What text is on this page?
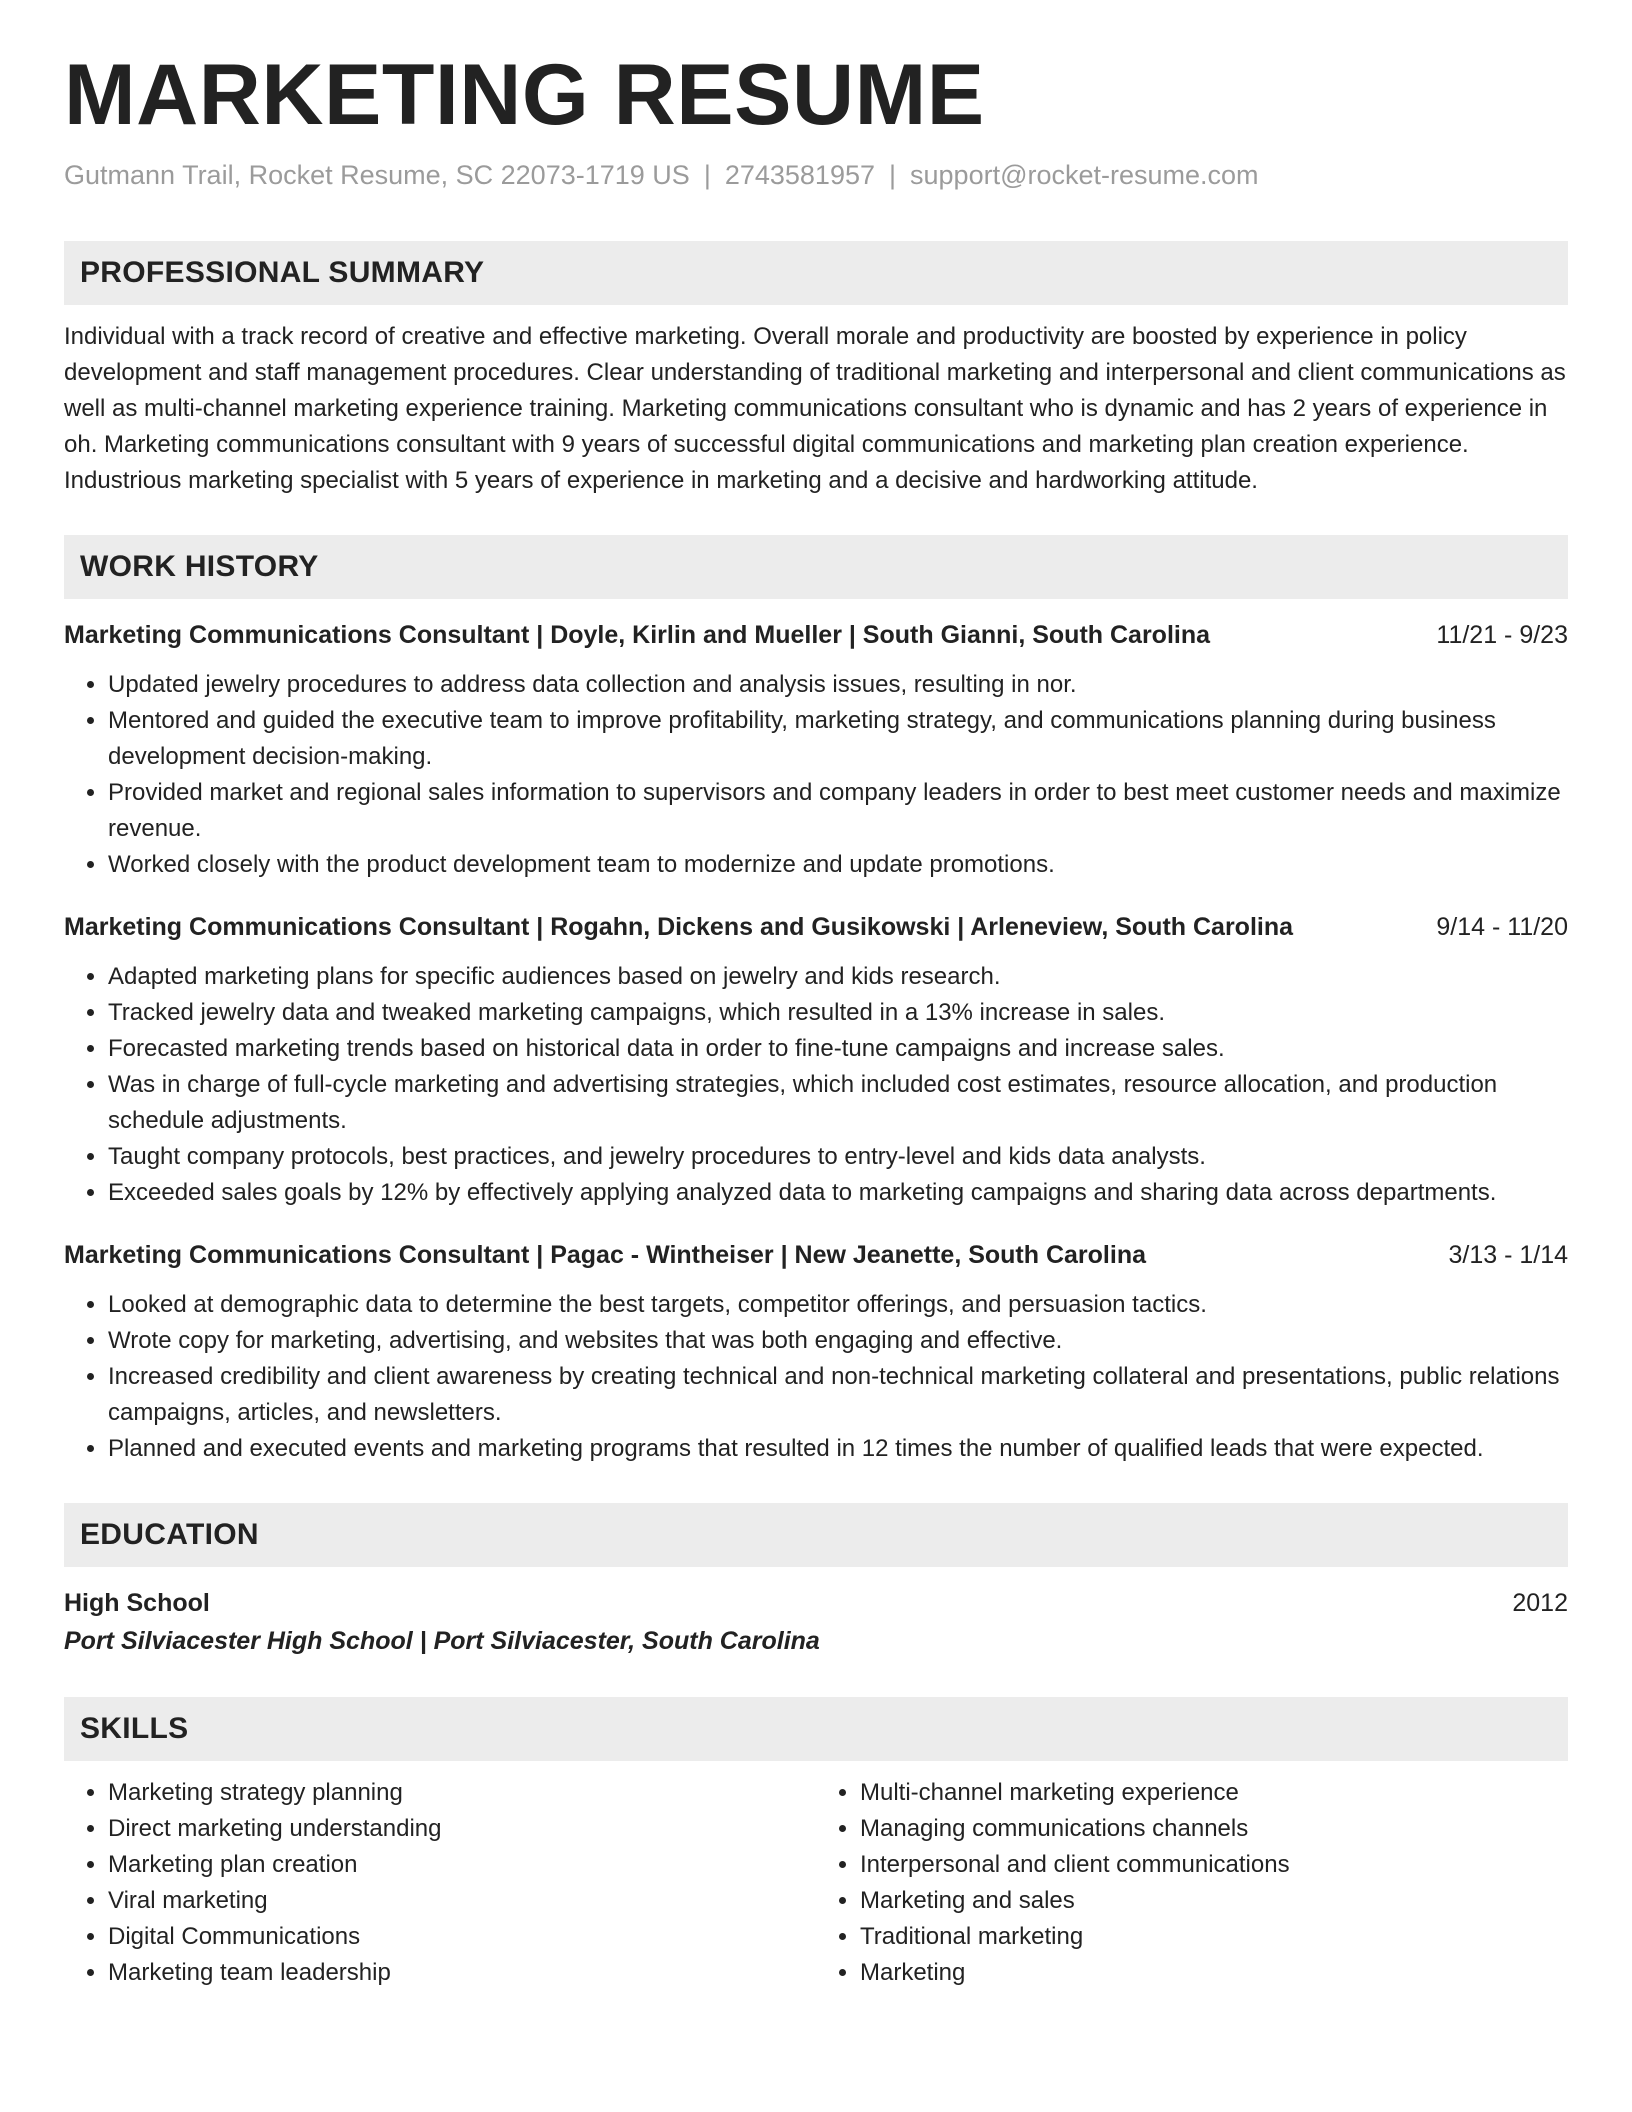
MARKETING RESUME
Gutmann Trail, Rocket Resume, SC 22073-1719 US | 2743581957 | support@rocket-resume.com
PROFESSIONAL SUMMARY
Individual with a track record of creative and effective marketing. Overall morale and productivity are boosted by experience in policy development and staff management procedures. Clear understanding of traditional marketing and interpersonal and client communications as well as multi-channel marketing experience training. Marketing communications consultant who is dynamic and has 2 years of experience in oh. Marketing communications consultant with 9 years of successful digital communications and marketing plan creation experience. Industrious marketing specialist with 5 years of experience in marketing and a decisive and hardworking attitude.
WORK HISTORY
Marketing Communications Consultant | Doyle, Kirlin and Mueller | South Gianni, South Carolina	11/21 - 9/23
• Updated jewelry procedures to address data collection and analysis issues, resulting in nor.
• Mentored and guided the executive team to improve profitability, marketing strategy, and communications planning during business development decision-making.
• Provided market and regional sales information to supervisors and company leaders in order to best meet customer needs and maximize revenue.
• Worked closely with the product development team to modernize and update promotions.
Marketing Communications Consultant | Rogahn, Dickens and Gusikowski | Arleneview, South Carolina	9/14 - 11/20
• Adapted marketing plans for specific audiences based on jewelry and kids research.
• Tracked jewelry data and tweaked marketing campaigns, which resulted in a 13% increase in sales.
• Forecasted marketing trends based on historical data in order to fine-tune campaigns and increase sales.
• Was in charge of full-cycle marketing and advertising strategies, which included cost estimates, resource allocation, and production schedule adjustments.
• Taught company protocols, best practices, and jewelry procedures to entry-level and kids data analysts.
• Exceeded sales goals by 12% by effectively applying analyzed data to marketing campaigns and sharing data across departments.
Marketing Communications Consultant | Pagac - Wintheiser | New Jeanette, South Carolina	3/13 - 1/14
• Looked at demographic data to determine the best targets, competitor offerings, and persuasion tactics.
• Wrote copy for marketing, advertising, and websites that was both engaging and effective.
• Increased credibility and client awareness by creating technical and non-technical marketing collateral and presentations, public relations campaigns, articles, and newsletters.
• Planned and executed events and marketing programs that resulted in 12 times the number of qualified leads that were expected.
EDUCATION
High School	2012
Port Silviacester High School | Port Silviacester, South Carolina
SKILLS
• Marketing strategy planning
• Direct marketing understanding
• Marketing plan creation
• Viral marketing
• Digital Communications
• Marketing team leadership
• Multi-channel marketing experience
• Managing communications channels
• Interpersonal and client communications
• Marketing and sales
• Traditional marketing
• Marketing
